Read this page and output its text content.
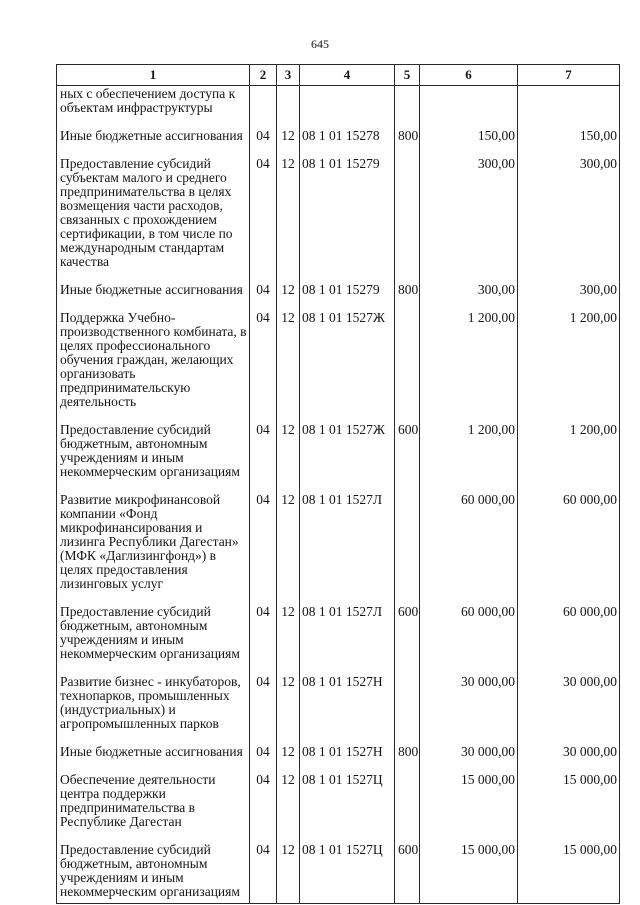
645
1	2	3	4	5	6	7
ных с обеспечением доступа к объектам инфраструктуры						
Иные бюджетные ассигнования	04	12	08 1 01 15278	800	150,00	150,00
Предоставление субсидий субъектам малого и среднего предпринимательства в целях возмещения части расходов, связанных с прохождением сертификации, в том числе по международным стандартам качества	04	12	08 1 01 15279		300,00	300,00
Иные бюджетные ассигнования	04	12	08 1 01 15279	800	300,00	300,00
Поддержка Учебно-производственного комбината, в целях профессионального обучения граждан, желающих организовать предпринимательскую деятельность	04	12	08 1 01 1527Ж		1 200,00	1 200,00
Предоставление субсидий бюджетным, автономным учреждениям и иным некоммерческим организациям	04	12	08 1 01 1527Ж	600	1 200,00	1 200,00
Развитие микрофинансовой компании «Фонд микрофинансирования и лизинга Республики Дагестан» (МФК «Даглизингфонд») в целях предоставления лизинговых услуг	04	12	08 1 01 1527Л		60 000,00	60 000,00
Предоставление субсидий бюджетным, автономным учреждениям и иным некоммерческим организациям	04	12	08 1 01 1527Л	600	60 000,00	60 000,00
Развитие бизнес - инкубаторов, технопарков, промышленных (индустриальных) и агропромышленных парков	04	12	08 1 01 1527Н		30 000,00	30 000,00
Иные бюджетные ассигнования	04	12	08 1 01 1527Н	800	30 000,00	30 000,00
Обеспечение деятельности центра поддержки предпринимательства в Республике Дагестан	04	12	08 1 01 1527Ц		15 000,00	15 000,00
Предоставление субсидий бюджетным, автономным учреждениям и иным некоммерческим организациям	04	12	08 1 01 1527Ц	600	15 000,00	15 000,00
